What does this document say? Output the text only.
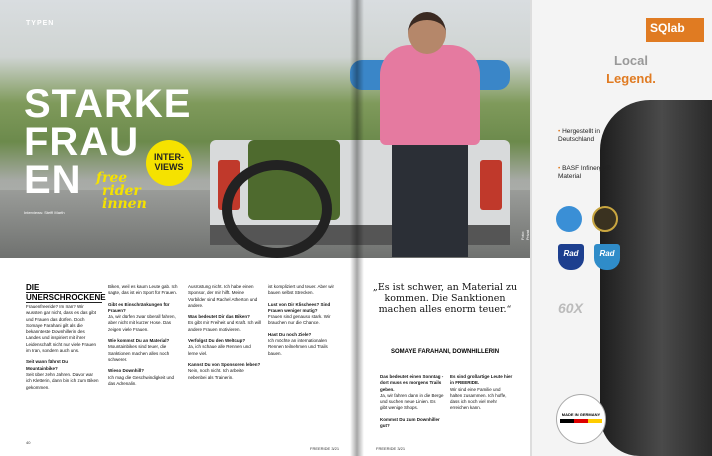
TYPEN
STARKE
FRAU
EN
INTER-VIEWS
free
rider
innen
Interviews: Steffi Marth
Foto: Privat
DIE
UNERSCHROCKENE

Frauenfreeride? Im Iran? Wir wussten gar nicht, dass es das gibt und Frauen das dürfen. Doch Somaye Farahani gilt als die bekannteste Downhillerin des Landes und inspiriert mit ihrer Leidenschaft nicht nur viele Frauen im Iran, sondern auch uns.

Seit wann fährst Du Mountainbike?

Seit über zehn Jahren. Davor war ich Kletterin, dann bin ich zum Biken gekommen.

Biken, weil es kaum Leute gab. Ich sagte, das ist ein Sport für Frauen.

Gibt es Einschränkungen für Frauen?

Ja, wir dürfen zwar überall fahren, aber nicht mit kurzer Hose. Das zeigen viele Frauen.

Wie kommst Du an Material?

Mountainbikes sind teuer, die Sanktionen machen alles noch schwerer.

Wieso Downhill?

Ich mag die Geschwindigkeit und das Adrenalin.

Ausrüstung nicht. Ich habe einen Sponsor, der mir hilft. Meine Vorbilder sind Rachel Atherton und andere.

Was bedeutet Dir das Biken?

Es gibt mir Freiheit und Kraft. Ich will andere Frauen motivieren.

Verfolgst Du den Weltcup?

Ja, ich schaue alle Rennen und lerne viel.

Kannst Du von Sponsoren leben?

Nein, noch nicht. Ich arbeite nebenbei als Trainerin.

ist kompliziert und teuer. Aber wir bauen selbst Strecken.

Lust von Dir Klischees? Sind Frauen weniger mutig?

Frauen sind genauso stark. Wir brauchen nur die Chance.

Hast Du noch Ziele?

Ich möchte an internationalen Rennen teilnehmen und Trails bauen.

„Es ist schwer, an Material zu kommen. Die Sanktionen machen alles enorm teuer.“
SOMAYE FARAHANI, DOWNHILLERIN
Das bedeutet einen Sonntag - dort muss es morgens Trails geben.

Ja, wir fahren dann in die Berge und suchen neue Linien. Es gibt wenige Shops.

Kommst Du zum Downhiller gut?
Es sind großartige Leute hier in FREERIDE.

Wir sind eine Familie und halten zusammen. Ich hoffe, dass ich noch viel mehr erreichen kann.

40
FREERIDE 3/21	FREERIDE 3/21
SQlab
Local
Legend.
• Hergestellt in Deutschland
• BASF Infinergy® Material
Rad	Rad
60X
MADE IN GERMANY
